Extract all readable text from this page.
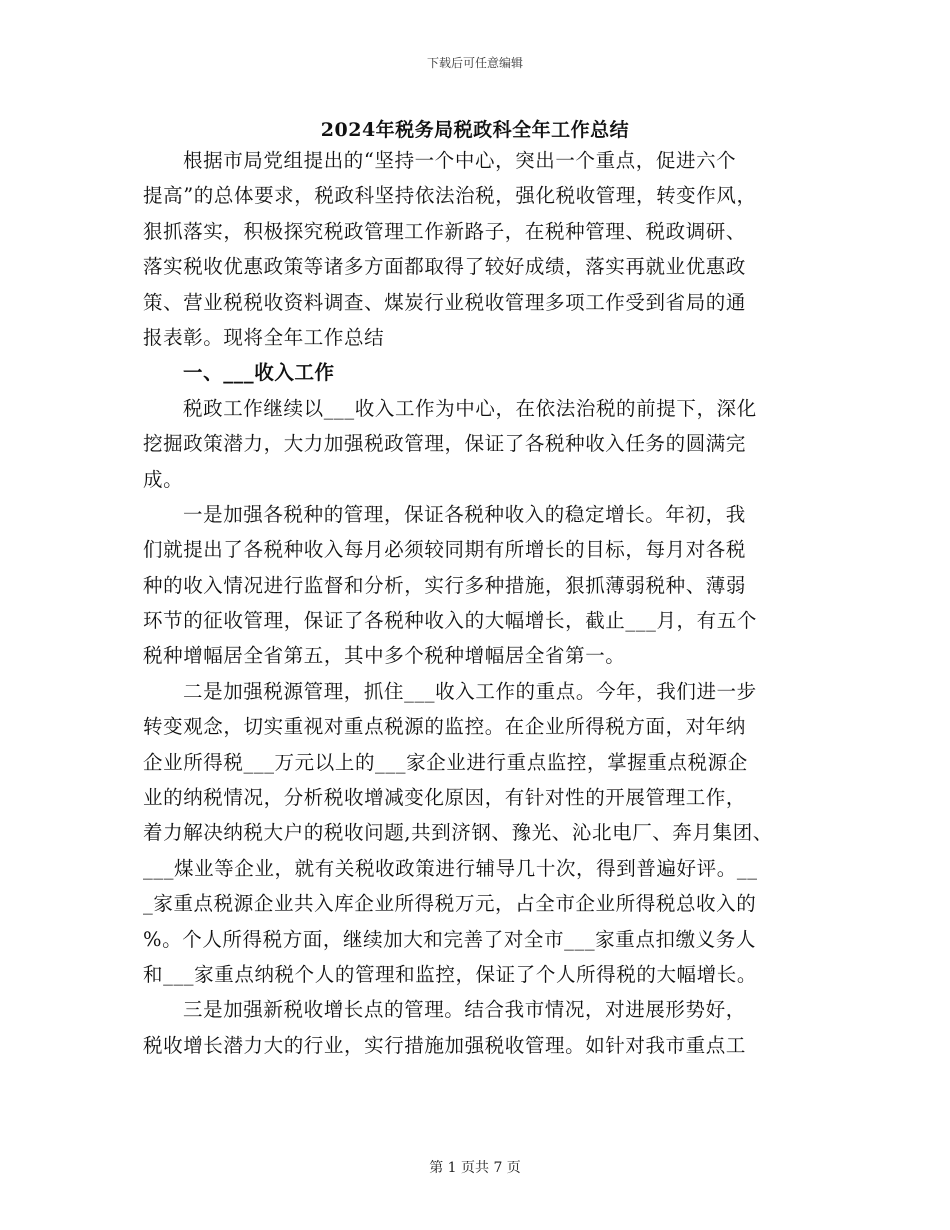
下载后可任意编辑
2024年税务局税政科全年工作总结
根据市局党组提出的“坚持一个中心，突出一个重点，促进六个
提高”的总体要求，税政科坚持依法治税，强化税收管理，转变作风，
狠抓落实，积极探究税政管理工作新路子，在税种管理、税政调研、
落实税收优惠政策等诸多方面都取得了较好成绩，落实再就业优惠政
策、营业税税收资料调查、煤炭行业税收管理多项工作受到省局的通
报表彰。现将全年工作总结
一、___收入工作
税政工作继续以___收入工作为中心，在依法治税的前提下，深化
挖掘政策潜力，大力加强税政管理，保证了各税种收入任务的圆满完
成。
一是加强各税种的管理，保证各税种收入的稳定增长。年初，我
们就提出了各税种收入每月必须较同期有所增长的目标，每月对各税
种的收入情况进行监督和分析，实行多种措施，狠抓薄弱税种、薄弱
环节的征收管理，保证了各税种收入的大幅增长，截止___月，有五个
税种增幅居全省第五，其中多个税种增幅居全省第一。
二是加强税源管理，抓住___收入工作的重点。今年，我们进一步
转变观念，切实重视对重点税源的监控。在企业所得税方面，对年纳
企业所得税___万元以上的___家企业进行重点监控，掌握重点税源企
业的纳税情况，分析税收增减变化原因，有针对性的开展管理工作，
着力解决纳税大户的税收问题,共到济钢、豫光、沁北电厂、奔月集团、
___煤业等企业，就有关税收政策进行辅导几十次，得到普遍好评。__
_家重点税源企业共入库企业所得税万元，占全市企业所得税总收入的
%。个人所得税方面，继续加大和完善了对全市___家重点扣缴义务人
和___家重点纳税个人的管理和监控，保证了个人所得税的大幅增长。
三是加强新税收增长点的管理。结合我市情况，对进展形势好，
税收增长潜力大的行业，实行措施加强税收管理。如针对我市重点工
第 1 页共 7 页
